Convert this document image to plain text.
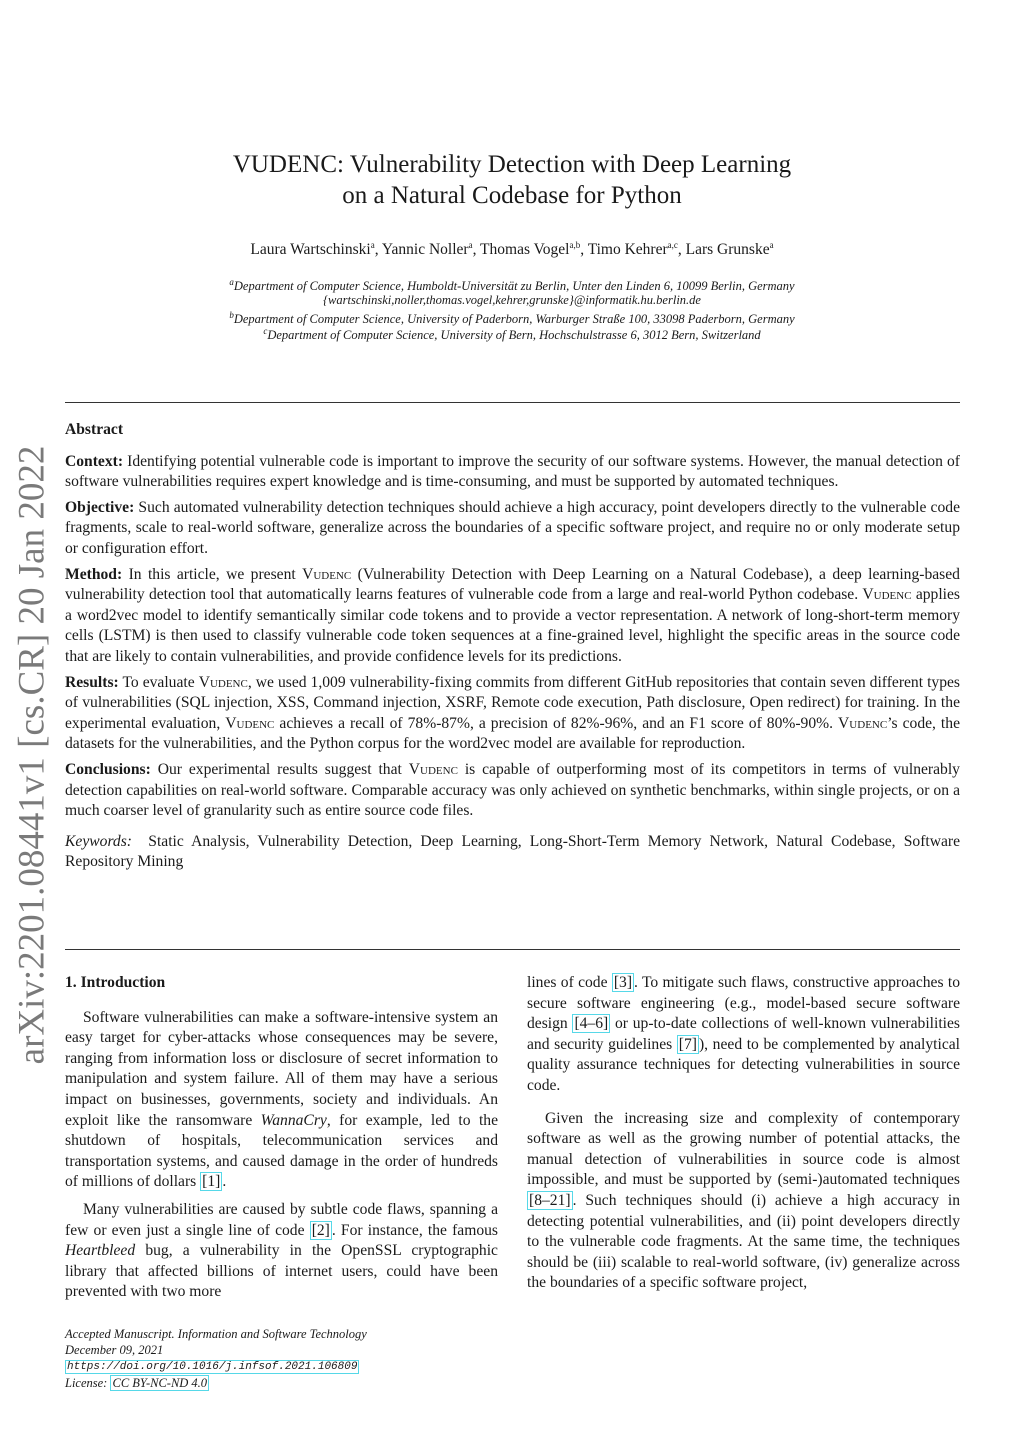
arXiv:2201.08441v1 [cs.CR] 20 Jan 2022
VUDENC: Vulnerability Detection with Deep Learning
on a Natural Codebase for Python
Laura Wartschinski$^a$, Yannic Noller$^a$, Thomas Vogel$^{a,b}$, Timo Kehrer$^{a,c}$, Lars Grunske$^a$
$^a$Department of Computer Science, Humboldt-Universität zu Berlin, Unter den Linden 6, 10099 Berlin, Germany
{wartschinski,noller,thomas.vogel,kehrer,grunske}@informatik.hu.berlin.de
$^b$Department of Computer Science, University of Paderborn, Warburger Straße 100, 33098 Paderborn, Germany
$^c$Department of Computer Science, University of Bern, Hochschulstrasse 6, 3012 Bern, Switzerland

Abstract

Context: Identifying potential vulnerable code is important to improve the security of our software systems. However, the manual detection of software vulnerabilities requires expert knowledge and is time-consuming, and must be supported by automated techniques.

Objective: Such automated vulnerability detection techniques should achieve a high accuracy, point developers directly to the vulnerable code fragments, scale to real-world software, generalize across the boundaries of a specific software project, and require no or only moderate setup or configuration effort.

Method: In this article, we present Vudenc (Vulnerability Detection with Deep Learning on a Natural Codebase), a deep learning-based vulnerability detection tool that automatically learns features of vulnerable code from a large and real-world Python codebase. Vudenc applies a word2vec model to identify semantically similar code tokens and to provide a vector representation. A network of long-short-term memory cells (LSTM) is then used to classify vulnerable code token sequences at a fine-grained level, highlight the specific areas in the source code that are likely to contain vulnerabilities, and provide confidence levels for its predictions.

Results: To evaluate Vudenc, we used 1,009 vulnerability-fixing commits from different GitHub repositories that contain seven different types of vulnerabilities (SQL injection, XSS, Command injection, XSRF, Remote code execution, Path disclosure, Open redirect) for training. In the experimental evaluation, Vudenc achieves a recall of 78%-87%, a precision of 82%-96%, and an F1 score of 80%-90%. Vudenc’s code, the datasets for the vulnerabilities, and the Python corpus for the word2vec model are available for reproduction.

Conclusions: Our experimental results suggest that Vudenc is capable of outperforming most of its competitors in terms of vulnerably detection capabilities on real-world software. Comparable accuracy was only achieved on synthetic benchmarks, within single projects, or on a much coarser level of granularity such as entire source code files.

Keywords: Static Analysis, Vulnerability Detection, Deep Learning, Long-Short-Term Memory Network, Natural Codebase, Software Repository Mining

1. Introduction

Software vulnerabilities can make a software-intensive system an easy target for cyber-attacks whose consequences may be severe, ranging from information loss or disclosure of secret information to manipulation and system failure. All of them may have a serious impact on businesses, governments, society and individuals. An exploit like the ransomware WannaCry, for example, led to the shutdown of hospitals, telecommunication services and transportation systems, and caused damage in the order of hundreds of millions of dollars [1] .

Many vulnerabilities are caused by subtle code flaws, spanning a few or even just a single line of code [2] . For instance, the famous Heartbleed bug, a vulnerability in the OpenSSL cryptographic library that affected billions of internet users, could have been prevented with two more

lines of code [3] . To mitigate such flaws, constructive approaches to secure software engineering (e.g., model-based secure software design [4–6] or up-to-date collections of well-known vulnerabilities and security guidelines [7] ), need to be complemented by analytical quality assurance techniques for detecting vulnerabilities in source code.

Given the increasing size and complexity of contemporary software as well as the growing number of potential attacks, the manual detection of vulnerabilities in source code is almost impossible, and must be supported by (semi-)automated techniques [8–21] . Such techniques should (i) achieve a high accuracy in detecting potential vulnerabilities, and (ii) point developers directly to the vulnerable code fragments. At the same time, the techniques should be (iii) scalable to real-world software, (iv) generalize across the boundaries of a specific software project,

Accepted Manuscript. Information and Software Technology
December 09, 2021
https://doi.org/10.1016/j.infsof.2021.106809
License: CC BY-NC-ND 4.0
